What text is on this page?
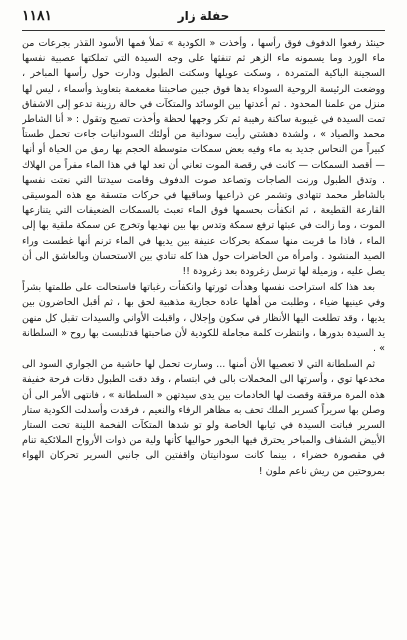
۱۱۸۱	حفلة زار

حينئذ رفعوا الدفوف فوق رأسها ، وأخذت « الكودية » تملأ فمها الأسود القذر بجرعات من ماء الورد وما يسمونه ماء الزهر ثم تنفثها على وجه السيدة التي تملكتها عصبية نفسها السجينة الباكية المتمردة ، وسكت عويلها وسكتت الطبول ودارت حول رأسها المباخر ، ووضعت الرئيسة الروحية السوداء يدها فوق جبين صاحبتنا مغمغمة بتعاويذ وأسماء ، ليس لها منزل من علمنا المحدود . ثم أعدتها بين الوسائد والمتكآت في حالة رزينة تدعو إلى الاشفاق تمت السيدة في غيبوبة ساكنة رهيبة ثم تكر وجهها لحظة وأخذت تصيح وتقول : « أنا الشاطر محمد والصياد » ، ولشدة دهشتي رأيت سودانية من أولئك السودانيات جاءت تحمل طستاً كبيراً من النحاس جديد به ماء وفيه بعض سمكات متوسطة الحجم بها رمق من الحياة أو أنها — أقصد السمكات — كانت في رقصة الموت تعاني أن تعد لها في هذا الماء مفراً من الهلاك . وتدق الطبول ورنت الصاجات وتصاعد صوت الدفوف وقامت سيدتنا التي نعتت نفسها بالشاطر محمد تتهادى وتشمر عن ذراعيها وساقيها في حركات متسقة مع هذه الموسيقى القارعة القطيعة ، ثم انكفأت بحسمها فوق الماء تعبث بالسمكات الضعيفات التي يتنازعها الموت ، وما زالت في عبثها ترفع سمكة وتدس بها بين نهديها وتخرج عن سمكة ملقية بها إلى الماء ، فاذا ما قربت منها سمكة بحركات عنيفة بين يديها في الماء ترنم أنها غطست وراء الصيد المنشود . وامرأة من الحاضرات حول هذا كله تنادي بين الاستحسان وبالعاشق الى أن يصل عليه ، وزميلة لها ترسل زغرودة بعد زغرودة !!

بعد هذا كله استراحت نفسها وهدأت ثورتها وانكفأت رغباتها فاستحالت على طلمتها بشراً وفي عينيها ضياء ، وطلبت من أهلها عادة حجازية مذهبية لحق بها ، ثم أقبل الحاضرون بين يديها ، وقد تطلعت اليها الأنظار في سكون وإجلال ، واقبلت الأواني والسيدات تقبل كل منهن يد السيدة بدورها ، وانتظرت كلمة مجاملة للكودية لأن صاحبتها قدتلبست بها روح « السلطانة » .

ثم السلطانة التي لا تعصيها الأن أمنها ... وسارت تحمل لها حاشية من الجواري السود الى مخدعها توي ، وأسرتها الى المخملات بالى في ابتسام ، وقد دقت الطبول دقات فرحة خفيفة هذه المرة مرققة وقصت لها الخادمات بين يدى سيدتهن « السلطانة » ، فانتهى الأمر الى أن وصلن بها سريراً كسرير الملك تحف به مظاهر الرفاء والنعيم ، فرقدت وأسدلت الكودية ستار السرير فباتت السيدة في ثيابها الخاصة ولو تو شدها المتكآت الفخمة اللينة تحت الستار الأبيض الشفاف والمباخر يحترق فيها البخور حواليها كأنها ولية من ذوات الأرواح الملائكية تنام في مقصورة خضراء ، بينما كانت سودانيتان واقفتين الى جانبي السرير تحركان الهواء بمروحتين من ريش ناعم ملون !
